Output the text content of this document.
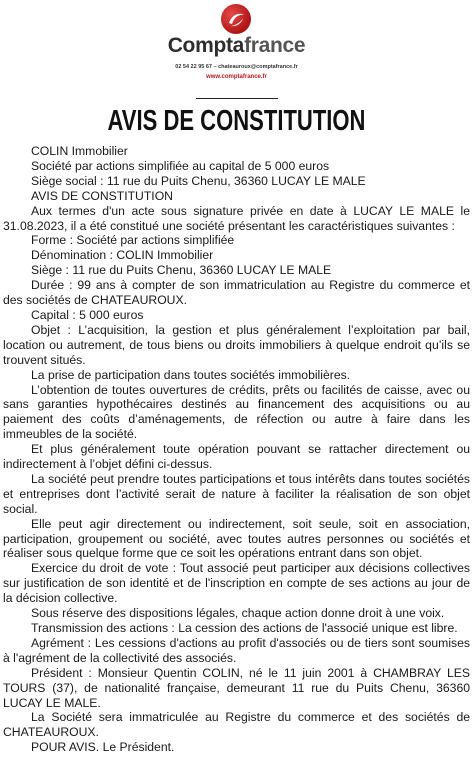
Comptafrance
02 54 22 95 67 – chateauroux@comptafrance.fr
www.comptafrance.fr
AVIS DE CONSTITUTION

COLIN Immobilier

Société par actions simplifiée au capital de 5 000 euros

Siège social : 11 rue du Puits Chenu, 36360 LUCAY LE MALE

AVIS DE CONSTITUTION

Aux termes d'un acte sous signature privée en date à LUCAY LE MALE le 31.08.2023, il a été constitué une société présentant les caractéristiques suivantes :

Forme : Société par actions simplifiée

Dénomination : COLIN Immobilier

Siège : 11 rue du Puits Chenu, 36360 LUCAY LE MALE

Durée : 99 ans à compter de son immatriculation au Registre du commerce et des sociétés de CHATEAUROUX.

Capital : 5 000 euros

Objet : L’acquisition, la gestion et plus généralement l’exploitation par bail, location ou autrement, de tous biens ou droits immobiliers à quelque endroit qu’ils se trouvent situés.

La prise de participation dans toutes sociétés immobilières.

L’obtention de toutes ouvertures de crédits, prêts ou facilités de caisse, avec ou sans garanties hypothécaires destinés au financement des acquisitions ou au paiement des coûts d’aménagements, de réfection ou autre à faire dans les immeubles de la société.

Et plus généralement toute opération pouvant se rattacher directement ou indirectement à l’objet défini ci-dessus.

La société peut prendre toutes participations et tous intérêts dans toutes sociétés et entreprises dont l’activité serait de nature à faciliter la réalisation de son objet social.

Elle peut agir directement ou indirectement, soit seule, soit en association, participation, groupement ou société, avec toutes autres personnes ou sociétés et réaliser sous quelque forme que ce soit les opérations entrant dans son objet.

Exercice du droit de vote : Tout associé peut participer aux décisions collectives sur justification de son identité et de l'inscription en compte de ses actions au jour de la décision collective.

Sous réserve des dispositions légales, chaque action donne droit à une voix.

Transmission des actions : La cession des actions de l'associé unique est libre.

Agrément : Les cessions d'actions au profit d'associés ou de tiers sont soumises à l'agrément de la collectivité des associés.

Président : Monsieur Quentin COLIN, né le 11 juin 2001 à CHAMBRAY LES TOURS (37), de nationalité française, demeurant 11 rue du Puits Chenu, 36360 LUCAY LE MALE.

La Société sera immatriculée au Registre du commerce et des sociétés de CHATEAUROUX.

POUR AVIS. Le Président.
